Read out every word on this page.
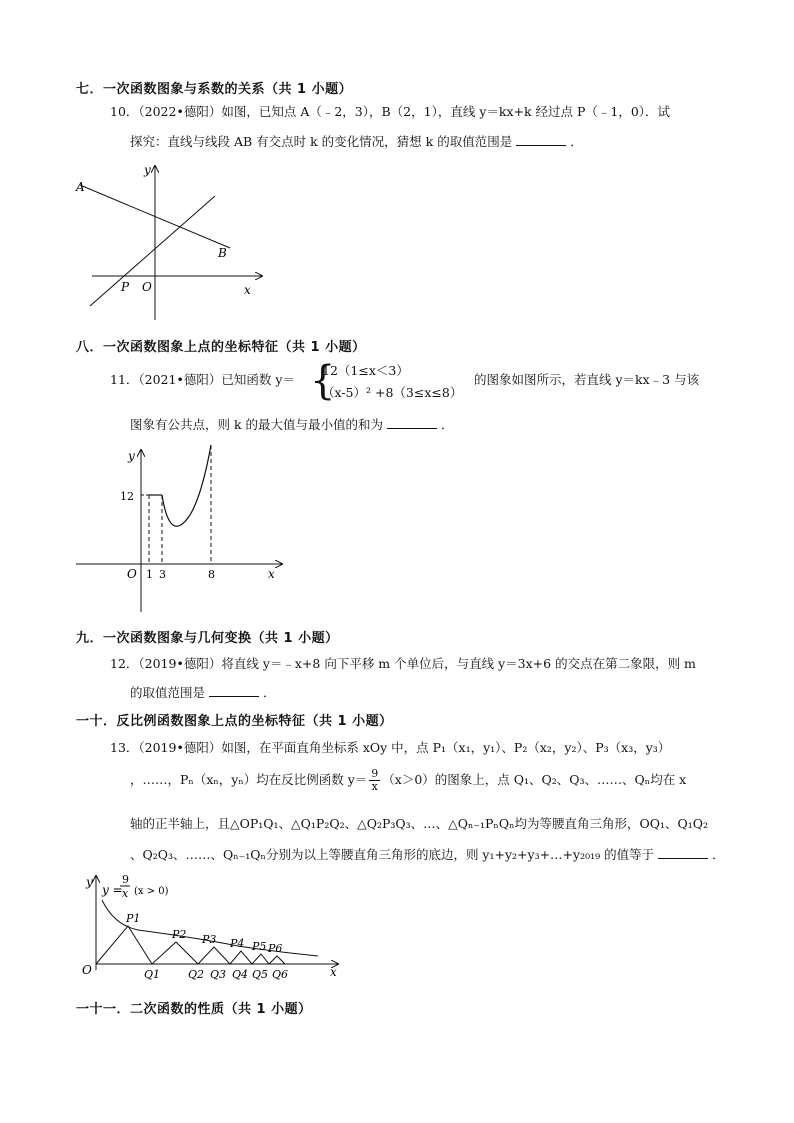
七．一次函数图象与系数的关系（共 1 小题）
10．（2022•德阳）如图，已知点 A（﹣2，3），B（2，1），直线 y＝kx+k 经过点 P（﹣1，0）．试
探究：直线与线段 AB 有交点时 k 的变化情况，猜想 k 的取值范围是	．
A
B
P O	x
y
八．一次函数图象上点的坐标特征（共 1 小题）
11．（2021•德阳）已知函数 y＝ {
12（1≤x＜3）
（x-5）² +8（3≤x≤8）
的图象如图所示，若直线 y＝kx﹣3 与该
图象有公共点，则 k 的最大值与最小值的和为	．
y
x
O
12
1 3	8
九．一次函数图象与几何变换（共 1 小题）
12．（2019•德阳）将直线 y＝﹣x+8 向下平移 m 个单位后，与直线 y＝3x+6 的交点在第二象限，则 m
的取值范围是	．
一十．反比例函数图象上点的坐标特征（共 1 小题）
13．（2019•德阳）如图，在平面直角坐标系 xOy 中，点 P₁（x₁，y₁）、P₂（x₂，y₂）、P₃（x₃，y₃）
，……，Pₙ（xₙ，yₙ）均在反比例函数 $y= \frac{9}{x} (x>0)$的图象上，点 Q₁、Q₂、Q₃、……、Qₙ均在 x
轴的正半轴上，且△OP₁Q₁、△Q₁P₂Q₂、△Q₂P₃Q₃、…、△Qₙ₋₁PₙQₙ均为等腰直角三角形，OQ₁、Q₁Q₂
、Q₂Q₃、……、Qₙ₋₁Qₙ分别为以上等腰直角三角形的底边，则 y₁+y₂+y₃+…+y₂₀₁₉ 的值等于	．
y
x
O
y =
9
x (x > 0)
P1
P2 P3 P4 P5 P6
Q1	Q2 Q3 Q4 Q5 Q6
一十一．二次函数的性质（共 1 小题）
